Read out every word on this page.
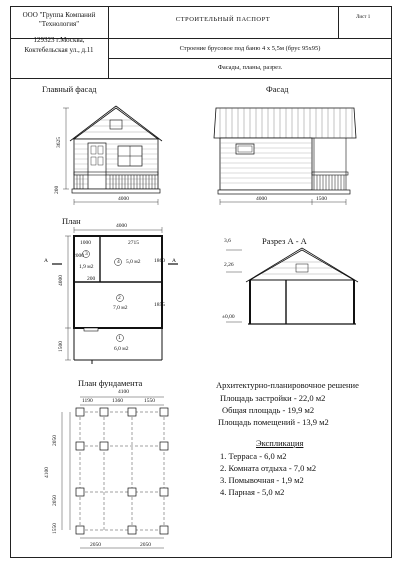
ООО "Группа Компаний
"Технология"
129323 г.Москва,
Коктебельская ул., д.11
СТРОИТЕЛЬНЫЙ ПАСПОРТ	Лист 1
Строение брусовое под баню 4 х 5,5м (брус 95х95)
Фасады, планы, разрез.
Главный фасад	Фасад
План
Разрез А - А
План фундамента
4000
3625
200
4000	1500
4000
1000	2715
1860
2000
4000	200
1855
1500
А	А
3
1,9 м2
4 5,0 м2
2
7,0 м2
1
6,0 м2
3,6
2,26
±0,00
4100
1190	1360	1550
2050
4100
2050
1550
2050	2050
Архитектурно-планировочное решение
Площадь застройки - 22,0 м2
Общая площадь - 19,9 м2
Площадь помещений - 13,9 м2
Экспликация
1. Терраса - 6,0 м2
2. Комната отдыха - 7,0 м2
3. Помывочная - 1,9 м2
4. Парная - 5,0 м2
